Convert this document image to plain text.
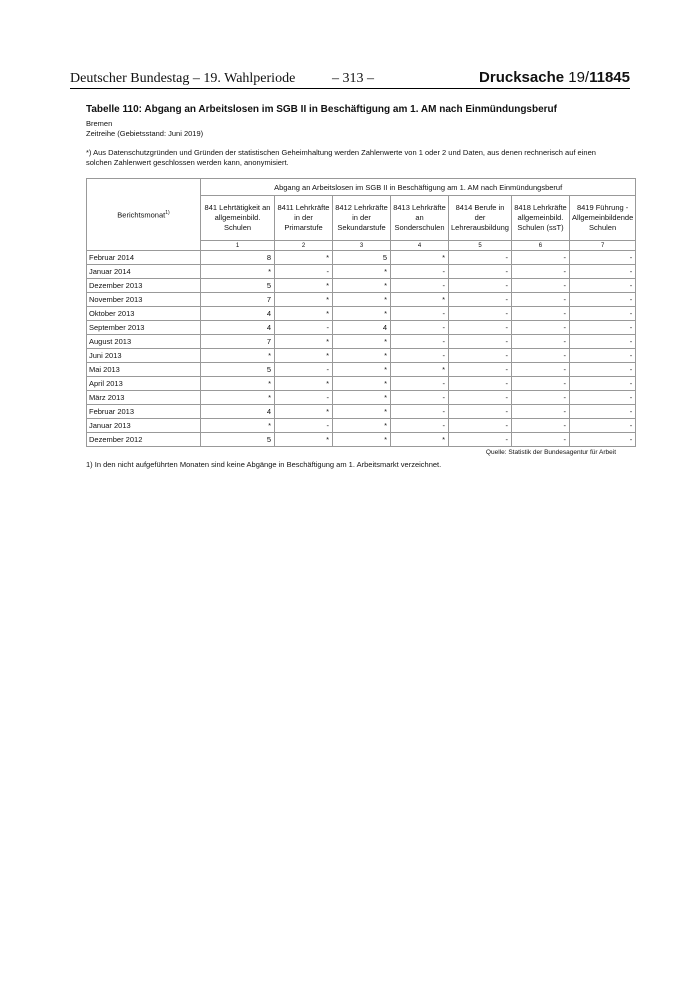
Deutscher Bundestag – 19. Wahlperiode	– 313 –	Drucksache 19/11845
Tabelle 110: Abgang an Arbeitslosen im SGB II in Beschäftigung am 1. AM nach Einmündungsberuf
Bremen
Zeitreihe (Gebietsstand: Juni 2019)
*) Aus Datenschutzgründen und Gründen der statistischen Geheimhaltung werden Zahlenwerte von 1 oder 2 und Daten, aus denen rechnerisch auf einen solchen Zahlenwert geschlossen werden kann, anonymisiert.
Berichtsmonat$^{1)}$	Abgang an Arbeitslosen im SGB II in Beschäftigung am 1. AM nach Einmündungsberuf						
	841 Lehrtätigkeit an allgemeinbild. Schulen	8411 Lehrkräfte in der Primarstufe	8412 Lehrkräfte in der Sekundarstufe	8413 Lehrkräfte an Sonderschulen	8414 Berufe in der Lehrerausbildung	8418 Lehrkräfte allgemeinbild. Schulen (ssT)	8419 Führung - Allgemeinbildende Schulen
	1	2	3	4	5	6	7
Februar 2014	8	*	5	*	-	-	-
Januar 2014	*	-	*	-	-	-	-
Dezember 2013	5	*	*	-	-	-	-
November 2013	7	*	*	*	-	-	-
Oktober 2013	4	*	*	-	-	-	-
September 2013	4	-	4	-	-	-	-
August 2013	7	*	*	-	-	-	-
Juni 2013	*	*	*	-	-	-	-
Mai 2013	5	-	*	*	-	-	-
April 2013	*	*	*	-	-	-	-
März 2013	*	-	*	-	-	-	-
Februar 2013	4	*	*	-	-	-	-
Januar 2013	*	-	*	-	-	-	-
Dezember 2012	5	*	*	*	-	-	-
Quelle: Statistik der Bundesagentur für Arbeit
1) In den nicht aufgeführten Monaten sind keine Abgänge in Beschäftigung am 1. Arbeitsmarkt verzeichnet.
